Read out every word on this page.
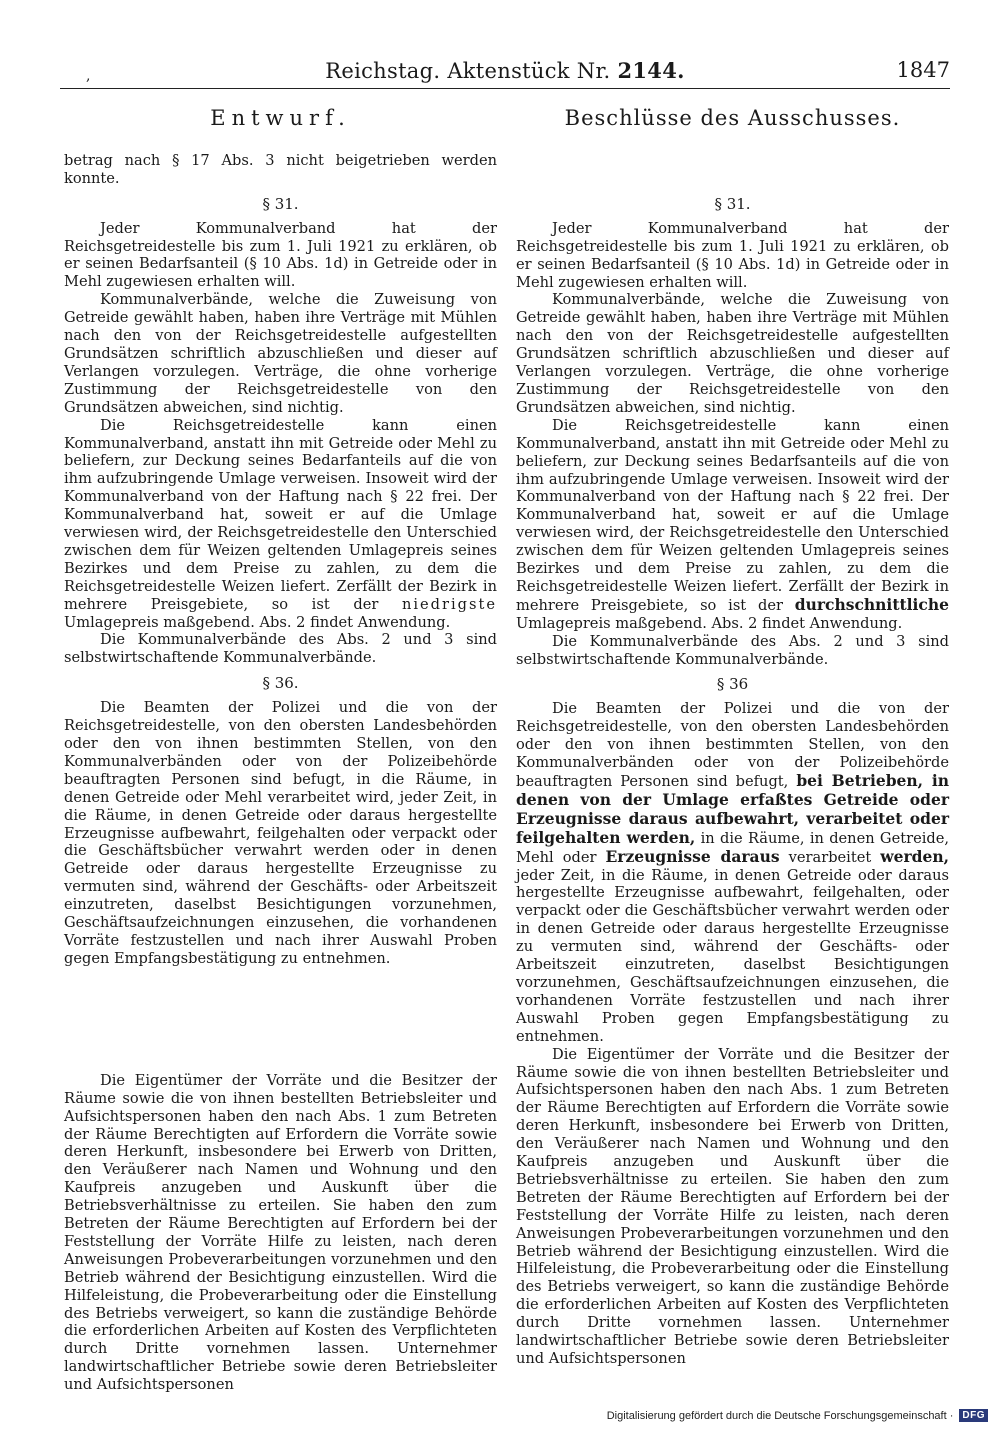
,	Reichstag. Aktenstück Nr. 2144.	1847
Entwurf.

betrag nach § 17 Abs. 3 nicht beigetrieben werden konnte.

§ 31.

Jeder Kommunalverband hat der Reichsgetreidestelle bis zum 1. Juli 1921 zu erklären, ob er seinen Bedarfsanteil (§ 10 Abs. 1d) in Getreide oder in Mehl zugewiesen erhalten will.

Kommunalverbände, welche die Zuweisung von Getreide gewählt haben, haben ihre Verträge mit Mühlen nach den von der Reichsgetreidestelle aufgestellten Grundsätzen schriftlich abzuschließen und dieser auf Verlangen vorzulegen. Verträge, die ohne vorherige Zustimmung der Reichsgetreidestelle von den Grundsätzen abweichen, sind nichtig.

Die Reichsgetreidestelle kann einen Kommunalverband, anstatt ihn mit Getreide oder Mehl zu beliefern, zur Deckung seines Bedarfanteils auf die von ihm aufzubringende Umlage verweisen. Insoweit wird der Kommunalverband von der Haftung nach § 22 frei. Der Kommunalverband hat, soweit er auf die Umlage verwiesen wird, der Reichsgetreidestelle den Unterschied zwischen dem für Weizen geltenden Umlagepreis seines Bezirkes und dem Preise zu zahlen, zu dem die Reichsgetreidestelle Weizen liefert. Zerfällt der Bezirk in mehrere Preisgebiete, so ist der niedrigste Umlagepreis maßgebend. Abs. 2 findet Anwendung.

Die Kommunalverbände des Abs. 2 und 3 sind selbstwirtschaftende Kommunalverbände.

§ 36.

Die Beamten der Polizei und die von der Reichsgetreidestelle, von den obersten Landesbehörden oder den von ihnen bestimmten Stellen, von den Kommunalverbänden oder von der Polizeibehörde beauftragten Personen sind befugt, in die Räume, in denen Getreide oder Mehl verarbeitet wird, jeder Zeit, in die Räume, in denen Getreide oder daraus hergestellte Erzeugnisse aufbewahrt, feilgehalten oder verpackt oder die Geschäftsbücher verwahrt werden oder in denen Getreide oder daraus hergestellte Erzeugnisse zu vermuten sind, während der Geschäfts- oder Arbeitszeit einzutreten, daselbst Besichtigungen vorzunehmen, Geschäftsaufzeichnungen einzusehen, die vorhandenen Vorräte festzustellen und nach ihrer Auswahl Proben gegen Empfangsbestätigung zu entnehmen.

Die Eigentümer der Vorräte und die Besitzer der Räume sowie die von ihnen bestellten Betriebsleiter und Aufsichtspersonen haben den nach Abs. 1 zum Betreten der Räume Berechtigten auf Erfordern die Vorräte sowie deren Herkunft, insbesondere bei Erwerb von Dritten, den Veräußerer nach Namen und Wohnung und den Kaufpreis anzugeben und Auskunft über die Betriebsverhältnisse zu erteilen. Sie haben den zum Betreten der Räume Berechtigten auf Erfordern bei der Feststellung der Vorräte Hilfe zu leisten, nach deren Anweisungen Probeverarbeitungen vorzunehmen und den Betrieb während der Besichtigung einzustellen. Wird die Hilfeleistung, die Probeverarbeitung oder die Einstellung des Betriebs verweigert, so kann die zuständige Behörde die erforderlichen Arbeiten auf Kosten des Verpflichteten durch Dritte vornehmen lassen. Unternehmer landwirtschaftlicher Betriebe sowie deren Betriebsleiter und Aufsichtspersonen

Beschlüsse des Ausschusses.
§ 31.

Jeder Kommunalverband hat der Reichsgetreidestelle bis zum 1. Juli 1921 zu erklären, ob er seinen Bedarfsanteil (§ 10 Abs. 1d) in Getreide oder in Mehl zugewiesen erhalten will.

Kommunalverbände, welche die Zuweisung von Getreide gewählt haben, haben ihre Verträge mit Mühlen nach den von der Reichsgetreidestelle aufgestellten Grundsätzen schriftlich abzuschließen und dieser auf Verlangen vorzulegen. Verträge, die ohne vorherige Zustimmung der Reichsgetreidestelle von den Grundsätzen abweichen, sind nichtig.

Die Reichsgetreidestelle kann einen Kommunalverband, anstatt ihn mit Getreide oder Mehl zu beliefern, zur Deckung seines Bedarfsanteils auf die von ihm aufzubringende Umlage verweisen. Insoweit wird der Kommunalverband von der Haftung nach § 22 frei. Der Kommunalverband hat, soweit er auf die Umlage verwiesen wird, der Reichsgetreidestelle den Unterschied zwischen dem für Weizen geltenden Umlagepreis seines Bezirkes und dem Preise zu zahlen, zu dem die Reichsgetreidestelle Weizen liefert. Zerfällt der Bezirk in mehrere Preisgebiete, so ist der durchschnittliche Umlagepreis maßgebend. Abs. 2 findet Anwendung.

Die Kommunalverbände des Abs. 2 und 3 sind selbstwirtschaftende Kommunalverbände.

§ 36

Die Beamten der Polizei und die von der Reichsgetreidestelle, von den obersten Landesbehörden oder den von ihnen bestimmten Stellen, von den Kommunalverbänden oder von der Polizeibehörde beauftragten Personen sind befugt, bei Betrieben, in denen von der Umlage erfaßtes Getreide oder Erzeugnisse daraus aufbewahrt, verarbeitet oder feilgehalten werden, in die Räume, in denen Getreide, Mehl oder Erzeugnisse daraus verarbeitet werden, jeder Zeit, in die Räume, in denen Getreide oder daraus hergestellte Erzeugnisse aufbewahrt, feilgehalten, oder verpackt oder die Geschäftsbücher verwahrt werden oder in denen Getreide oder daraus hergestellte Erzeugnisse zu vermuten sind, während der Geschäfts- oder Arbeitszeit einzutreten, daselbst Besichtigungen vorzunehmen, Geschäftsaufzeichnungen einzusehen, die vorhandenen Vorräte festzustellen und nach ihrer Auswahl Proben gegen Empfangsbestätigung zu entnehmen.

Die Eigentümer der Vorräte und die Besitzer der Räume sowie die von ihnen bestellten Betriebsleiter und Aufsichtspersonen haben den nach Abs. 1 zum Betreten der Räume Berechtigten auf Erfordern die Vorräte sowie deren Herkunft, insbesondere bei Erwerb von Dritten, den Veräußerer nach Namen und Wohnung und den Kaufpreis anzugeben und Auskunft über die Betriebsverhältnisse zu erteilen. Sie haben den zum Betreten der Räume Berechtigten auf Erfordern bei der Feststellung der Vorräte Hilfe zu leisten, nach deren Anweisungen Probeverarbeitungen vorzunehmen und den Betrieb während der Besichtigung einzustellen. Wird die Hilfeleistung, die Probeverarbeitung oder die Einstellung des Betriebs verweigert, so kann die zuständige Behörde die erforderlichen Arbeiten auf Kosten des Verpflichteten durch Dritte vornehmen lassen. Unternehmer landwirtschaftlicher Betriebe sowie deren Betriebsleiter und Aufsichtspersonen

Digitalisierung gefördert durch die Deutsche Forschungsgemeinschaft · DFG
